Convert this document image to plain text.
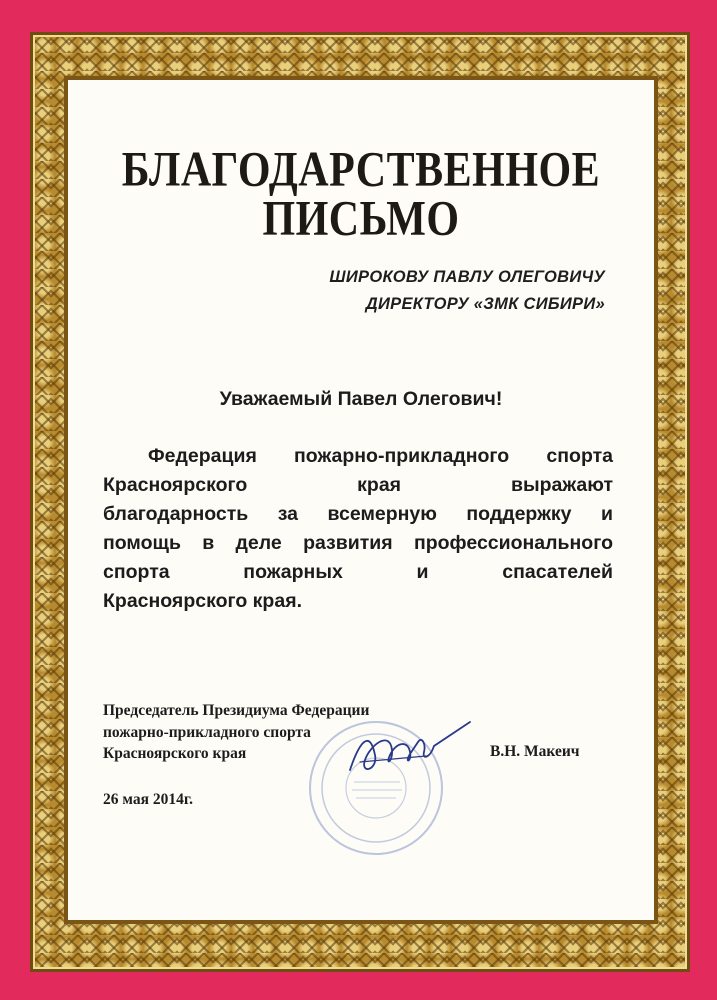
БЛАГОДАРСТВЕННОЕ
ПИСЬМО
ШИРОКОВУ ПАВЛУ ОЛЕГОВИЧУ
ДИРЕКТОРУ «ЗМК СИБИРИ»
Уважаемый Павел Олегович!
Федерация пожарно-прикладного спорта
Красноярского края выражают
благодарность за всемерную поддержку и
помощь в деле развития профессионального
спорта пожарных и спасателей
Красноярского края.
Председатель Президиума Федерации
пожарно-прикладного спорта
Красноярского края	В.Н. Макеич
26 мая 2014г.
